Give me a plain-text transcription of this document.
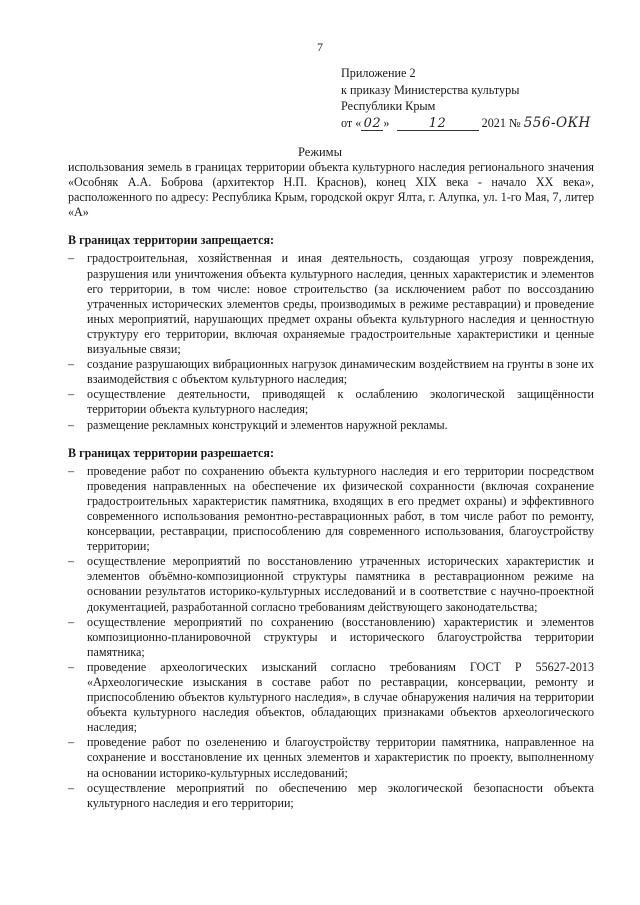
7
Приложение 2
к приказу Министерства культуры
Республики Крым
от « 02 »	12	2021 № 556-ОКН
Режимы

использования земель в границах территории объекта культурного наследия регионального значения «Особняк А.А. Боброва (архитектор Н.П. Краснов), конец XIX века - начало XX века», расположенного по адресу: Республика Крым, городской округ Ялта, г. Алупка, ул. 1-го Мая, 7, литер «А»

В границах территории запрещается:
– градостроительная, хозяйственная и иная деятельность, создающая угрозу повреждения, разрушения или уничтожения объекта культурного наследия, ценных характеристик и элементов его территории, в том числе: новое строительство (за исключением работ по воссозданию утраченных исторических элементов среды, производимых в режиме реставрации) и проведение иных мероприятий, нарушающих предмет охраны объекта культурного наследия и ценностную структуру его территории, включая охраняемые градостроительные характеристики и ценные визуальные связи;
– создание разрушающих вибрационных нагрузок динамическим воздействием на грунты в зоне их взаимодействия с объектом культурного наследия;
– осуществление деятельности, приводящей к ослаблению экологической защищённости территории объекта культурного наследия;
– размещение рекламных конструкций и элементов наружной рекламы.
В границах территории разрешается:
– проведение работ по сохранению объекта культурного наследия и его территории посредством проведения направленных на обеспечение их физической сохранности (включая сохранение градостроительных характеристик памятника, входящих в его предмет охраны) и эффективного современного использования ремонтно-реставрационных работ, в том числе работ по ремонту, консервации, реставрации, приспособлению для современного использования, благоустройству территории;
– осуществление мероприятий по восстановлению утраченных исторических характеристик и элементов объёмно-композиционной структуры памятника в реставрационном режиме на основании результатов историко-культурных исследований и в соответствие с научно-проектной документацией, разработанной согласно требованиям действующего законодательства;
– осуществление мероприятий по сохранению (восстановлению) характеристик и элементов композиционно-планировочной структуры и исторического благоустройства территории памятника;
– проведение археологических изысканий согласно требованиям ГОСТ Р 55627-2013 «Археологические изыскания в составе работ по реставрации, консервации, ремонту и приспособлению объектов культурного наследия», в случае обнаружения наличия на территории объекта культурного наследия объектов, обладающих признаками объектов археологического наследия;
– проведение работ по озеленению и благоустройству территории памятника, направленное на сохранение и восстановление их ценных элементов и характеристик по проекту, выполненному на основании историко-культурных исследований;
– осуществление мероприятий по обеспечению мер экологической безопасности объекта культурного наследия и его территории;
